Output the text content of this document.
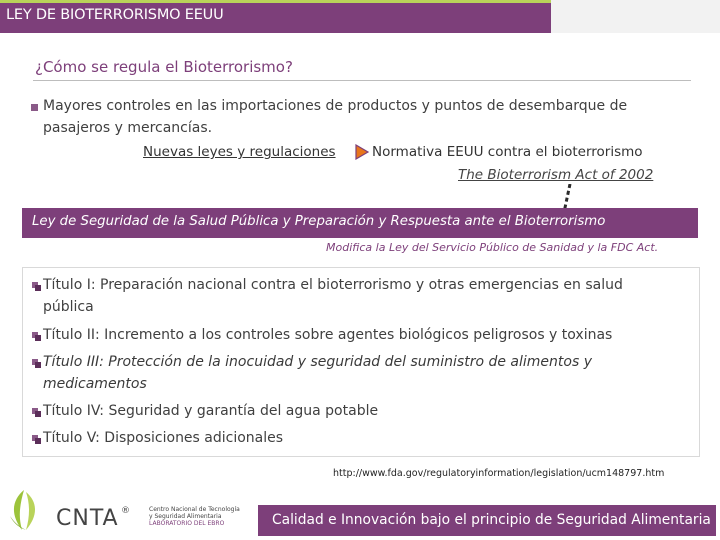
LEY DE BIOTERRORISMO EEUU
¿Cómo se regula el Bioterrorismo?
Mayores controles en las importaciones de productos y puntos de desembarque de
pasajeros y mercancías.
Nuevas leyes y regulaciones	Normativa EEUU contra el bioterrorismo
The Bioterrorism Act of 2002
Ley de Seguridad de la Salud Pública y Preparación y Respuesta ante el Bioterrorismo
Modifica la Ley del Servicio Público de Sanidad y la FDC Act.
Título I: Preparación nacional contra el bioterrorismo y otras emergencias en salud
pública
Título II: Incremento a los controles sobre agentes biológicos peligrosos y toxinas
Título III: Protección de la inocuidad y seguridad del suministro de alimentos y
medicamentos
Título IV: Seguridad y garantía del agua potable
Título V: Disposiciones adicionales
http://www.fda.gov/regulatoryinformation/legislation/ucm148797.htm
CNTA ®	Centro Nacional de Tecnología
y Seguridad Alimentaria
LABORATORIO DEL EBRO	Calidad e Innovación bajo el principio de Seguridad Alimentaria
